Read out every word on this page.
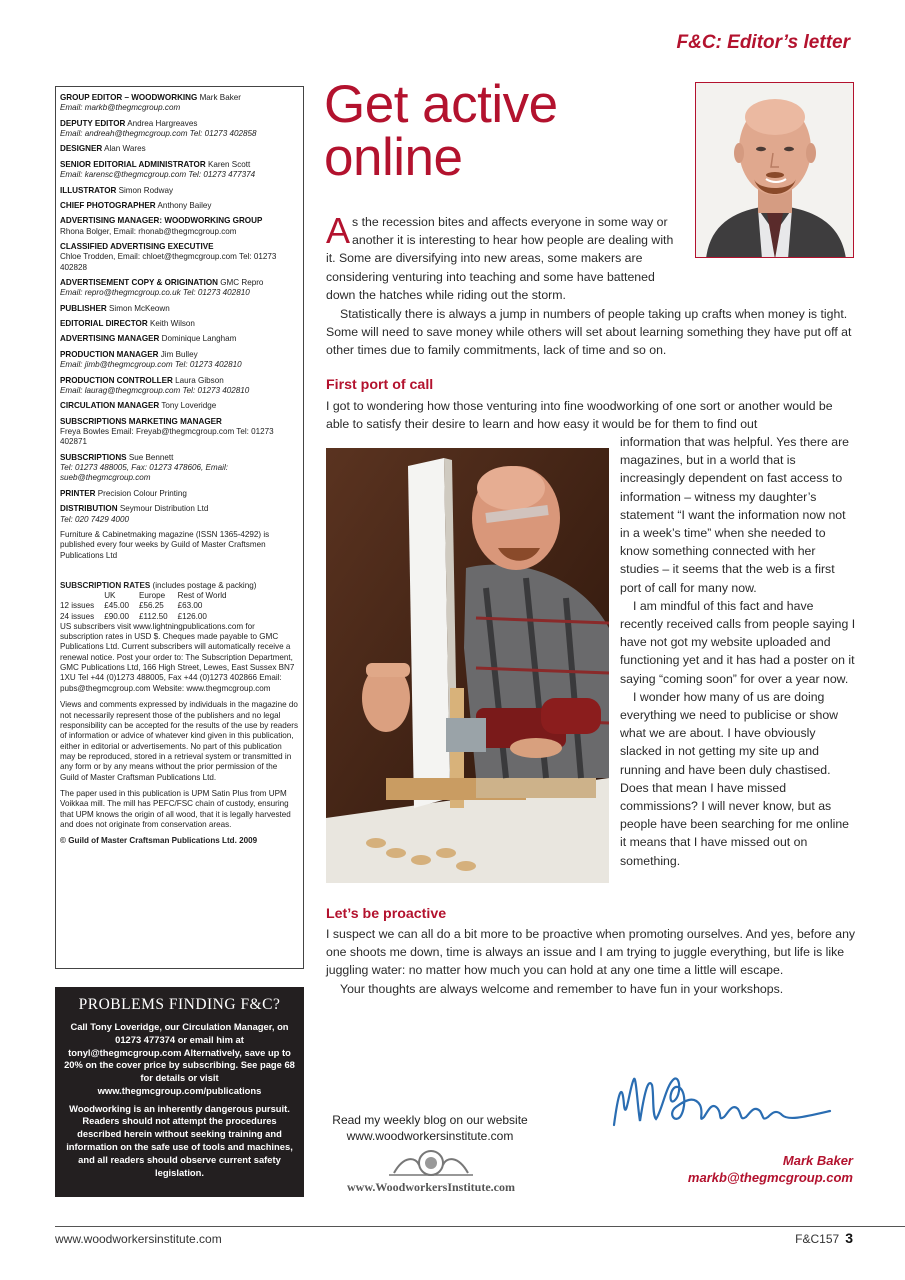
F&C: Editor’s letter
GROUP EDITOR – WOODWORKING Mark Baker
Email: markb@thegmcgroup.com
DEPUTY EDITOR Andrea Hargreaves
Email: andreah@thegmcgroup.com Tel: 01273 402858
DESIGNER Alan Wares
SENIOR EDITORIAL ADMINISTRATOR Karen Scott
Email: karensc@thegmcgroup.com Tel: 01273 477374
ILLUSTRATOR Simon Rodway
CHIEF PHOTOGRAPHER Anthony Bailey
ADVERTISING MANAGER: WOODWORKING GROUP
Rhona Bolger, Email: rhonab@thegmcgroup.com
CLASSIFIED ADVERTISING EXECUTIVE
Chloe Trodden, Email: chloet@thegmcgroup.com Tel: 01273 402828
ADVERTISEMENT COPY & ORIGINATION GMC Repro
Email: repro@thegmcgroup.co.uk Tel: 01273 402810
PUBLISHER Simon McKeown
EDITORIAL DIRECTOR Keith Wilson
ADVERTISING MANAGER Dominique Langham
PRODUCTION MANAGER Jim Bulley
Email: jimb@thegmcgroup.com Tel: 01273 402810
PRODUCTION CONTROLLER Laura Gibson
Email: laurag@thegmcgroup.com Tel: 01273 402810
CIRCULATION MANAGER Tony Loveridge
SUBSCRIPTIONS MARKETING MANAGER
Freya Bowles Email: Freyab@thegmcgroup.com Tel: 01273 402871
SUBSCRIPTIONS Sue Bennett
Tel: 01273 488005, Fax: 01273 478606, Email: sueb@thegmcgroup.com
PRINTER Precision Colour Printing
DISTRIBUTION Seymour Distribution Ltd
Tel: 020 7429 4000
Furniture & Cabinetmaking magazine (ISSN 1365-4292) is published every four weeks by Guild of Master Craftsmen Publications Ltd
SUBSCRIPTION RATES (includes postage & packing)
	UK	Europe	Rest of World
12 issues	£45.00	£56.25	£63.00
24 issues	£90.00	£112.50	£126.00
US subscribers visit www.lightningpublications.com for subscription rates in USD $. Cheques made payable to GMC Publications Ltd. Current subscribers will automatically receive a renewal notice. Post your order to: The Subscription Department, GMC Publications Ltd, 166 High Street, Lewes, East Sussex BN7 1XU Tel +44 (0)1273 488005, Fax +44 (0)1273 402866 Email: pubs@thegmcgroup.com Website: www.thegmcgroup.com
Views and comments expressed by individuals in the magazine do not necessarily represent those of the publishers and no legal responsibility can be accepted for the results of the use by readers of information or advice of whatever kind given in this publication, either in editorial or advertisements. No part of this publication may be reproduced, stored in a retrieval system or transmitted in any form or by any means without the prior permission of the Guild of Master Craftsman Publications Ltd.
The paper used in this publication is UPM Satin Plus from UPM Voikkaa mill. The mill has PEFC/FSC chain of custody, ensuring that UPM knows the origin of all wood, that it is legally harvested and does not originate from conservation areas.
© Guild of Master Craftsman Publications Ltd. 2009
PROBLEMS FINDING F&C?
Call Tony Loveridge, our Circulation Manager, on 01273 477374 or email him at tonyl@thegmcgroup.com Alternatively, save up to 20% on the cover price by subscribing. See page 68 for details or visit www.thegmcgroup.com/publications
Woodworking is an inherently dangerous pursuit. Readers should not attempt the procedures described herein without seeking training and information on the safe use of tools and machines, and all readers should observe current safety legislation.
Get active online
As the recession bites and affects everyone in some way or another it is interesting to hear how people are dealing with it. Some are diversifying into new areas, some makers are considering venturing into teaching and some have battened down the hatches while riding out the storm.

Statistically there is always a jump in numbers of people taking up crafts when money is tight. Some will need to save money while others will set about learning something they have put off at other times due to family commitments, lack of time and so on.

First port of call

I got to wondering how those venturing into fine woodworking of one sort or another would be able to satisfy their desire to learn and how easy it would be for them to find out

information that was helpful. Yes there are magazines, but in a world that is increasingly dependent on fast access to information – witness my daughter’s statement “I want the information now not in a week’s time” when she needed to know something connected with her studies – it seems that the web is a first port of call for many now.

I am mindful of this fact and have recently received calls from people saying I have not got my website uploaded and functioning yet and it has had a poster on it saying “coming soon” for over a year now.

I wonder how many of us are doing everything we need to publicise or show what we are about. I have obviously slacked in not getting my site up and running and have been duly chastised. Does that mean I have missed commissions? I will never know, but as people have been searching for me online it means that I have missed out on something.

Let’s be proactive

I suspect we can all do a bit more to be proactive when promoting ourselves. And yes, before any one shoots me down, time is always an issue and I am trying to juggle everything, but life is like juggling water: no matter how much you can hold at any one time a little will escape.

Your thoughts are always welcome and remember to have fun in your workshops.

Read my weekly blog on our website
www.woodworkersinstitute.com
www.WoodworkersInstitute.com
Mark Baker
markb@thegmcgroup.com
www.woodworkersinstitute.com	F&C157 3
